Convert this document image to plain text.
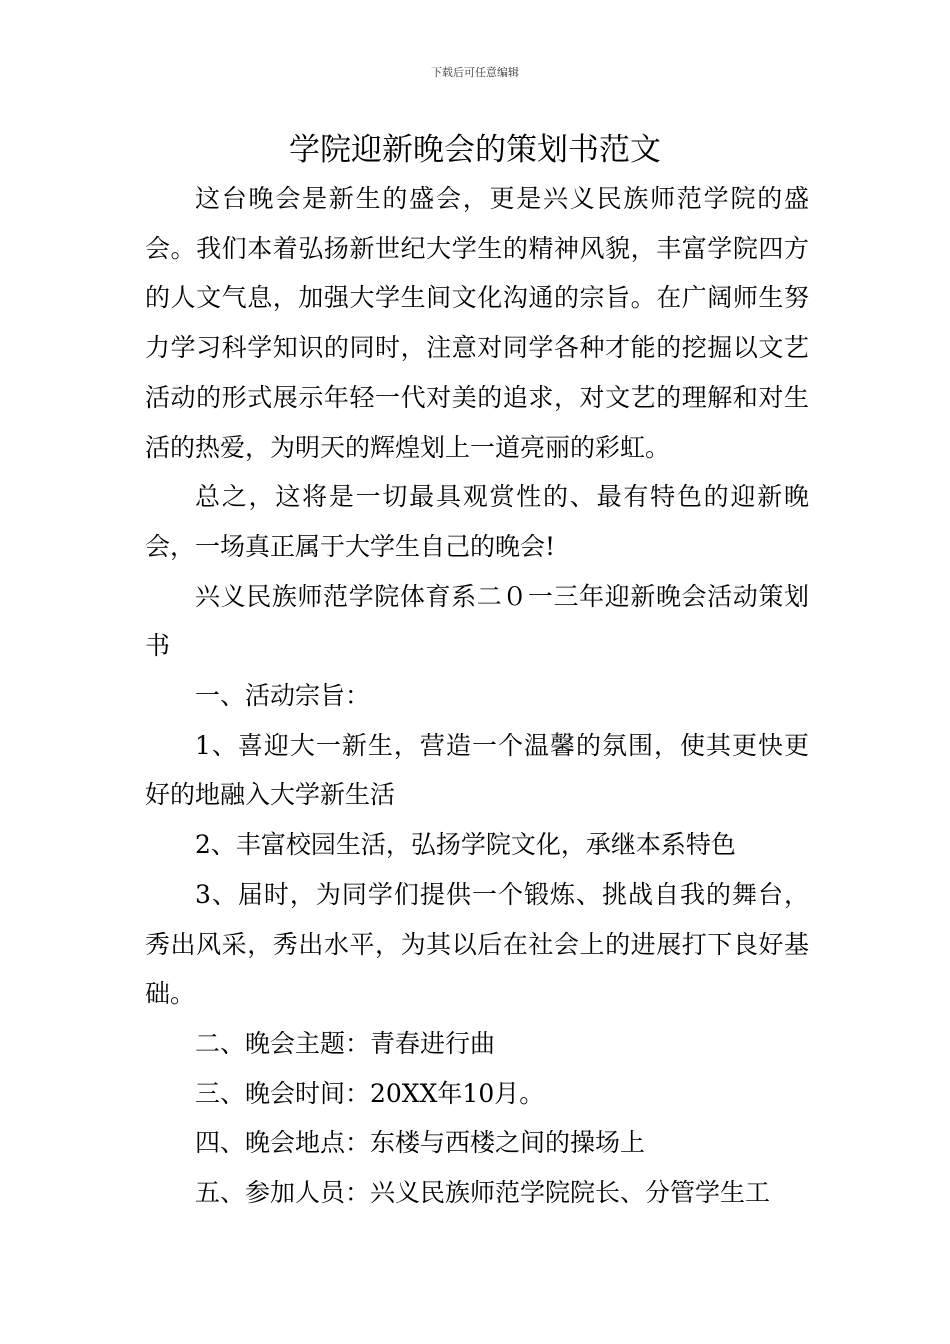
下载后可任意编辑
学院迎新晚会的策划书范文

这台晚会是新生的盛会，更是兴义民族师范学院的盛会。我们本着弘扬新世纪大学生的精神风貌，丰富学院四方的人文气息，加强大学生间文化沟通的宗旨。在广阔师生努力学习科学知识的同时，注意对同学各种才能的挖掘以文艺活动的形式展示年轻一代对美的追求，对文艺的理解和对生活的热爱，为明天的辉煌划上一道亮丽的彩虹。

总之，这将是一切最具观赏性的、最有特色的迎新晚会，一场真正属于大学生自己的晚会!

兴义民族师范学院体育系二０一三年迎新晚会活动策划书

一、活动宗旨：

1、喜迎大一新生，营造一个温馨的氛围，使其更快更好的地融入大学新生活

2、丰富校园生活，弘扬学院文化，承继本系特色

3、届时，为同学们提供一个锻炼、挑战自我的舞台，秀出风采，秀出水平，为其以后在社会上的进展打下良好基础。

二、晚会主题：青春进行曲

三、晚会时间：20XX年10月。

四、晚会地点：东楼与西楼之间的操场上

五、参加人员：兴义民族师范学院院长、分管学生工
